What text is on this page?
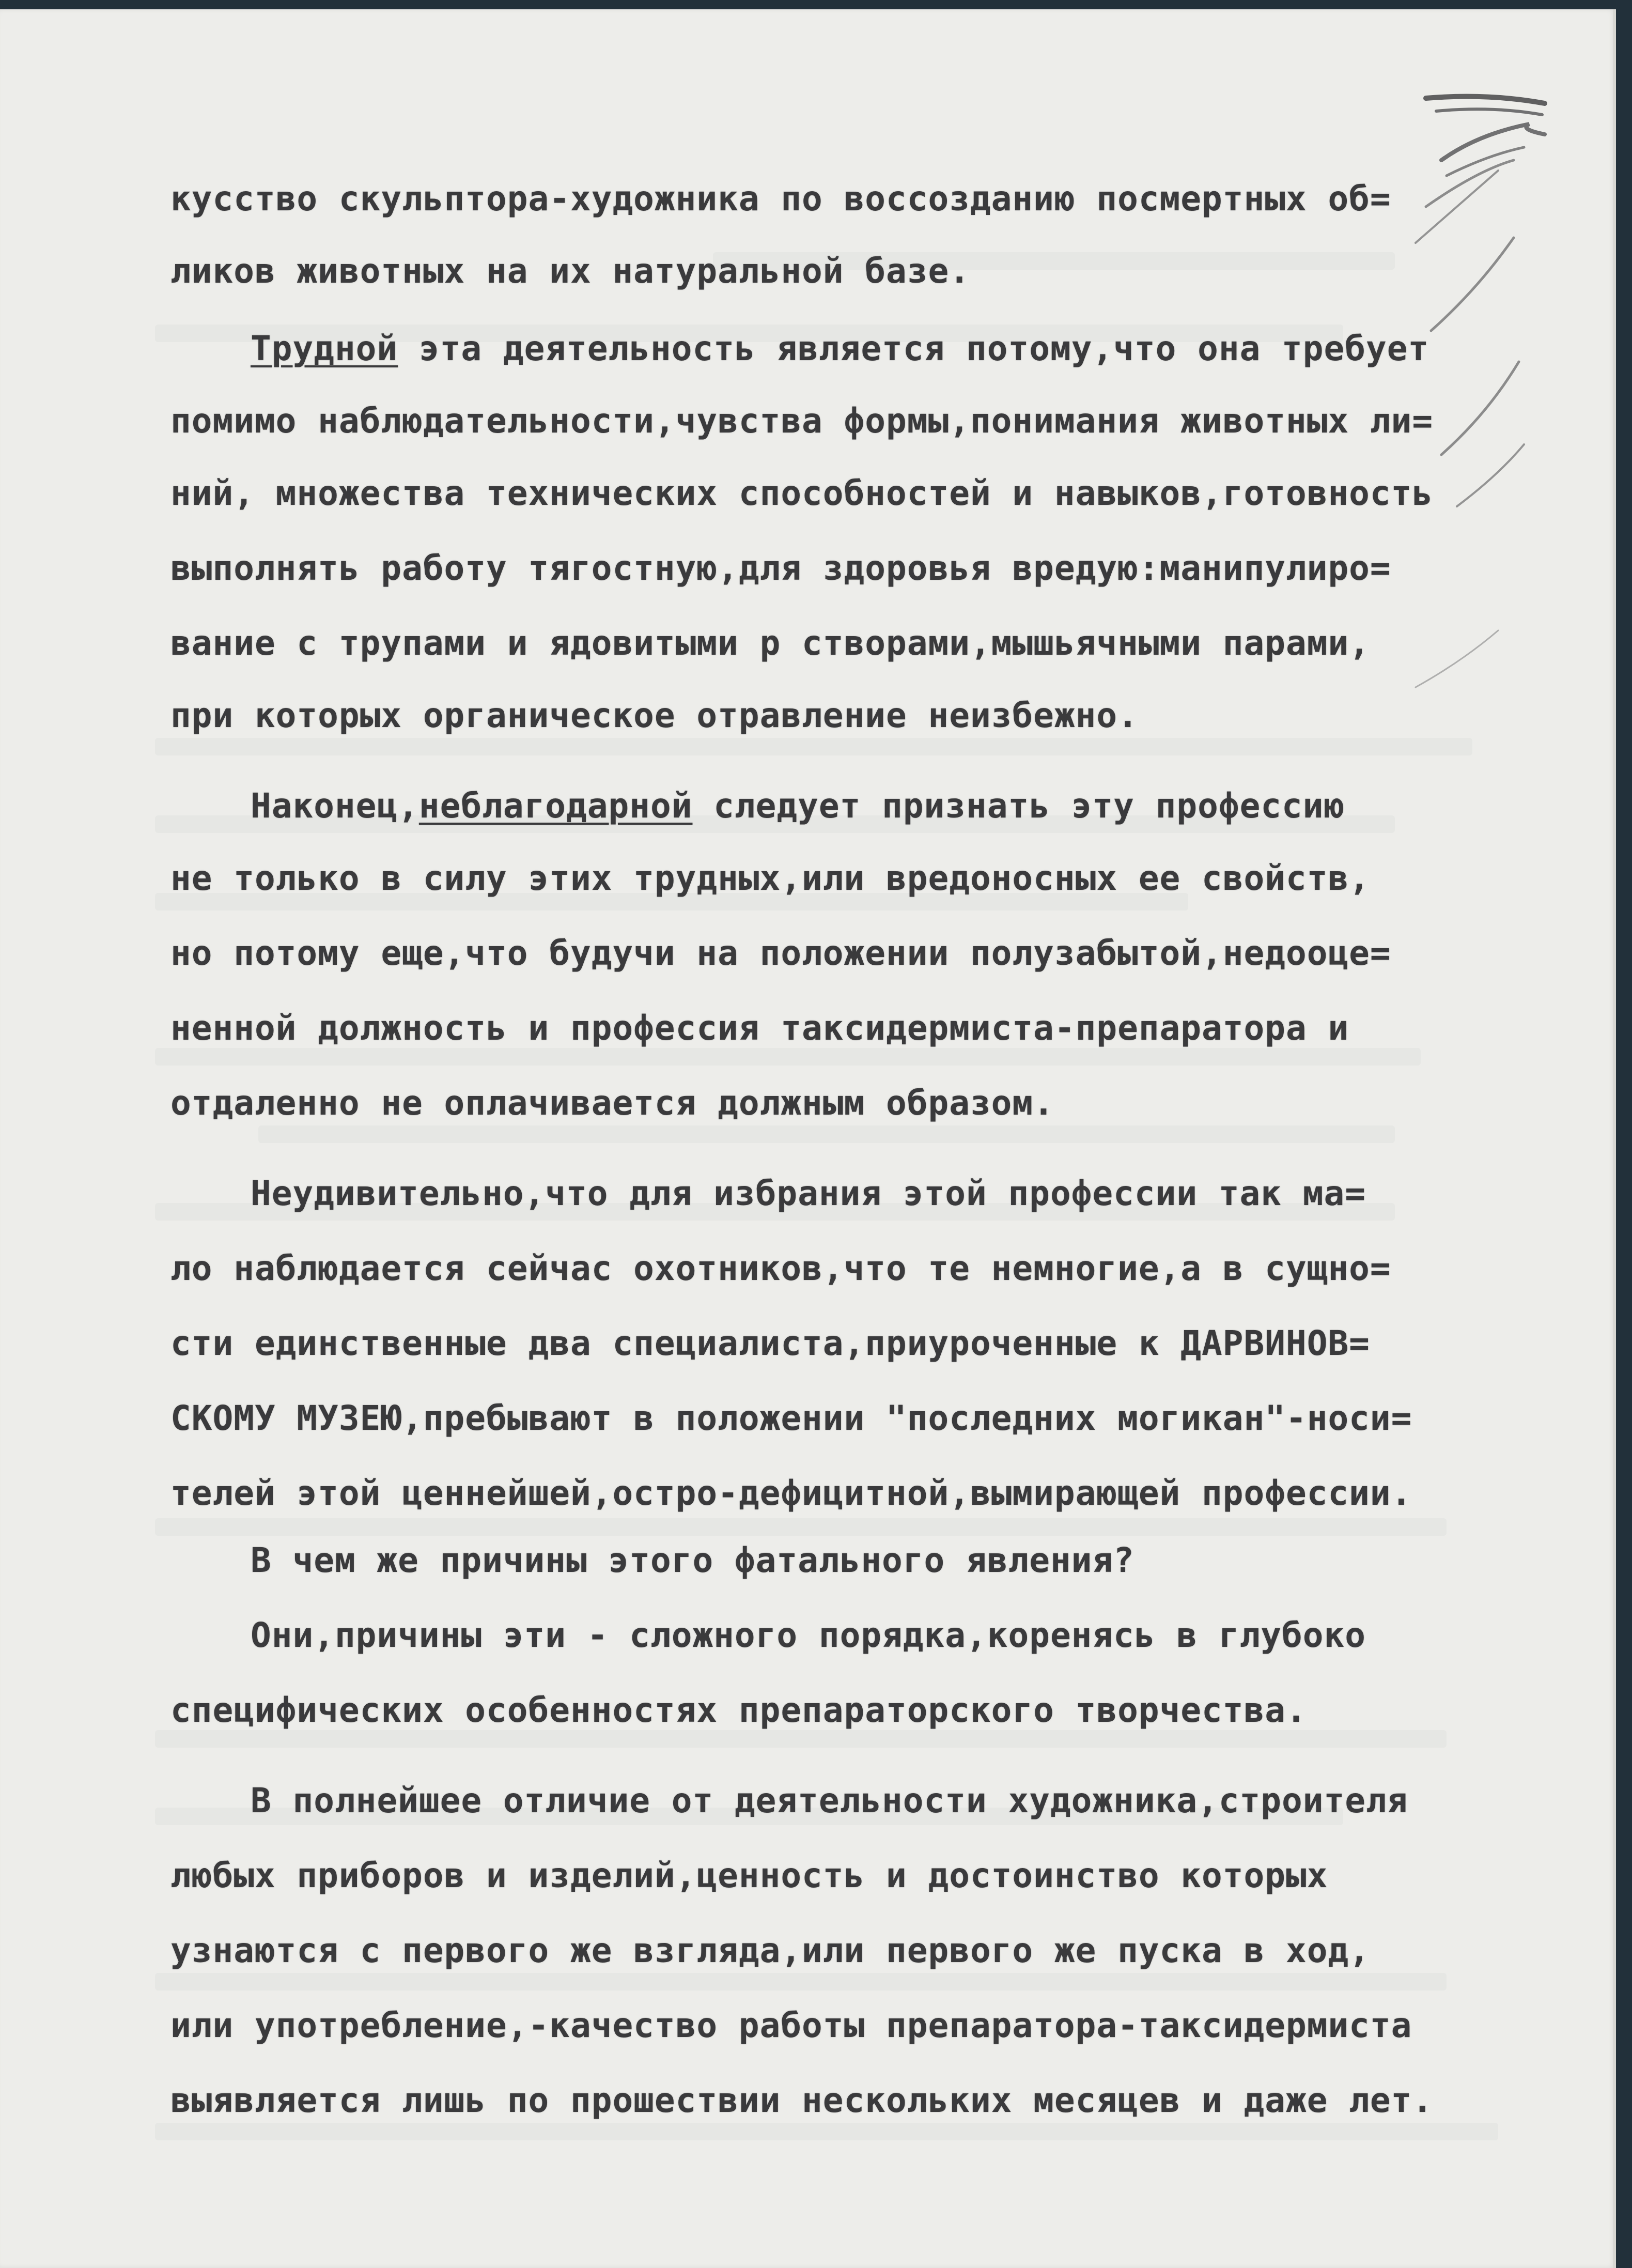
кусство скульптора-художника по воссозданию посмертных об=
ликов животных на их натуральной базе.
Трудной эта деятельность является потому,что она требует
помимо наблюдательности,чувства формы,понимания животных ли=
ний, множества технических способностей и навыков,готовность
выполнять работу тягостную,для здоровья вредую:манипулиро=
вание с трупами и ядовитыми р створами,мышьячными парами,
при которых органическое отравление неизбежно.
Наконец,неблагодарной следует признать эту профессию
не только в силу этих трудных,или вредоносных ее свойств,
но потому еще,что будучи на положении полузабытой,недооце=
ненной должность и профессия таксидермиста-препаратора и
отдаленно не оплачивается должным образом.
Неудивительно,что для избрания этой профессии так ма=
ло наблюдается сейчас охотников,что те немногие,а в сущно=
сти единственные два специалиста,приуроченные к ДАРВИНОВ=
СКОМУ МУЗЕЮ,пребывают в положении "последних могикан"-носи=
телей этой ценнейшей,остро-дефицитной,вымирающей профессии.
В чем же причины этого фатального явления?
Они,причины эти - сложного порядка,коренясь в глубоко
специфических особенностях препараторского творчества.
В полнейшее отличие от деятельности художника,строителя
любых приборов и изделий,ценность и достоинство которых
узнаются с первого же взгляда,или первого же пуска в ход,
или употребление,-качество работы препаратора-таксидермиста
выявляется лишь по прошествии нескольких месяцев и даже лет.
